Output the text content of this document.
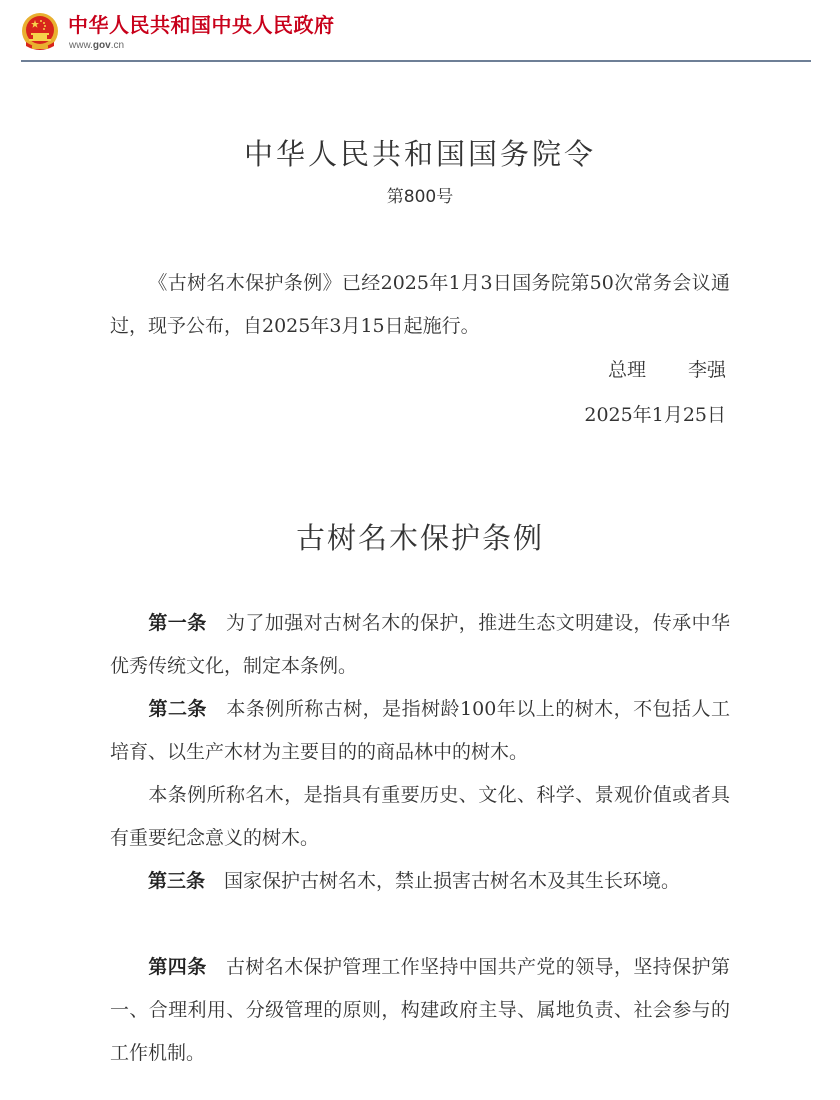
中华人民共和国中央人民政府
www.gov.cn
中华人民共和国国务院令
第800号
《古树名木保护条例》已经2025年1月3日国务院第50次常务会议通过，现予公布，自2025年3月15日起施行。
总理 李强
2025年1月25日
古树名木保护条例
第一条 为了加强对古树名木的保护，推进生态文明建设，传承中华优秀传统文化，制定本条例。
第二条 本条例所称古树，是指树龄100年以上的树木，不包括人工培育、以生产木材为主要目的的商品林中的树木。
本条例所称名木，是指具有重要历史、文化、科学、景观价值或者具有重要纪念意义的树木。
第三条 国家保护古树名木，禁止损害古树名木及其生长环境。
第四条 古树名木保护管理工作坚持中国共产党的领导，坚持保护第一、合理利用、分级管理的原则，构建政府主导、属地负责、社会参与的工作机制。
